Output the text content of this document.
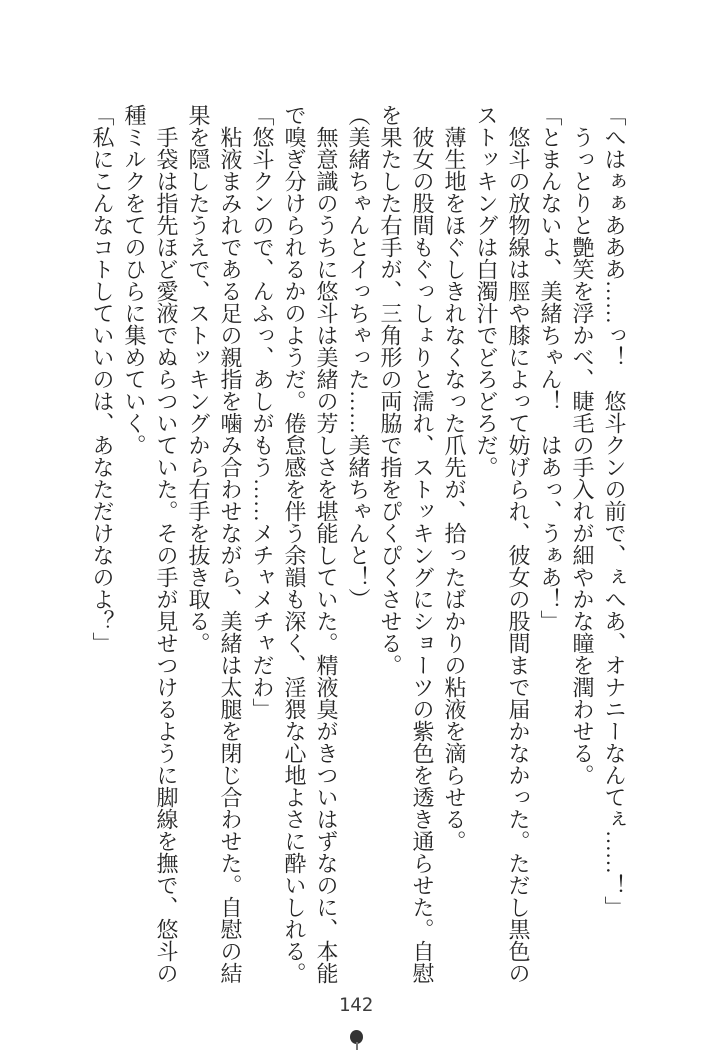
「へはぁぁあああ……っ！　悠斗クンの前で、ぇへあ、オナニーなんてぇ……！」

　うっとりと艶笑を浮かべ、睫毛の手入れが細やかな瞳を潤わせる。

「とまんないよ、美緒ちゃん！　はあっ、うぁあ！」

　悠斗の放物線は脛や膝によって妨げられ、彼女の股間まで届かなかった。ただし黒色のストッキングは白濁汁でどろどろだ。

　薄生地をほぐしきれなくなった爪先が、拾ったばかりの粘液を滴らせる。

　彼女の股間もぐっしょりと濡れ、ストッキングにショーツの紫色を透き通らせた。自慰を果たした右手が、三角形の両脇で指をぴくぴくさせる。

（美緒ちゃんとイっちゃった……美緒ちゃんと！）

　無意識のうちに悠斗は美緒の芳しさを堪能していた。精液臭がきついはずなのに、本能で嗅ぎ分けられるかのようだ。倦怠感を伴う余韻も深く、淫猥な心地よさに酔いしれる。

「悠斗クンので、んふっ、あしがもう……メチャメチャだわ」

　粘液まみれである足の親指を噛み合わせながら、美緒は太腿を閉じ合わせた。自慰の結果を隠したうえで、ストッキングから右手を抜き取る。

　手袋は指先ほど愛液でぬらついていた。その手が見せつけるように脚線を撫で、悠斗の種ミルクをてのひらに集めていく。

「私にこんなコトしていいのは、あなただけなのよ？」

142
